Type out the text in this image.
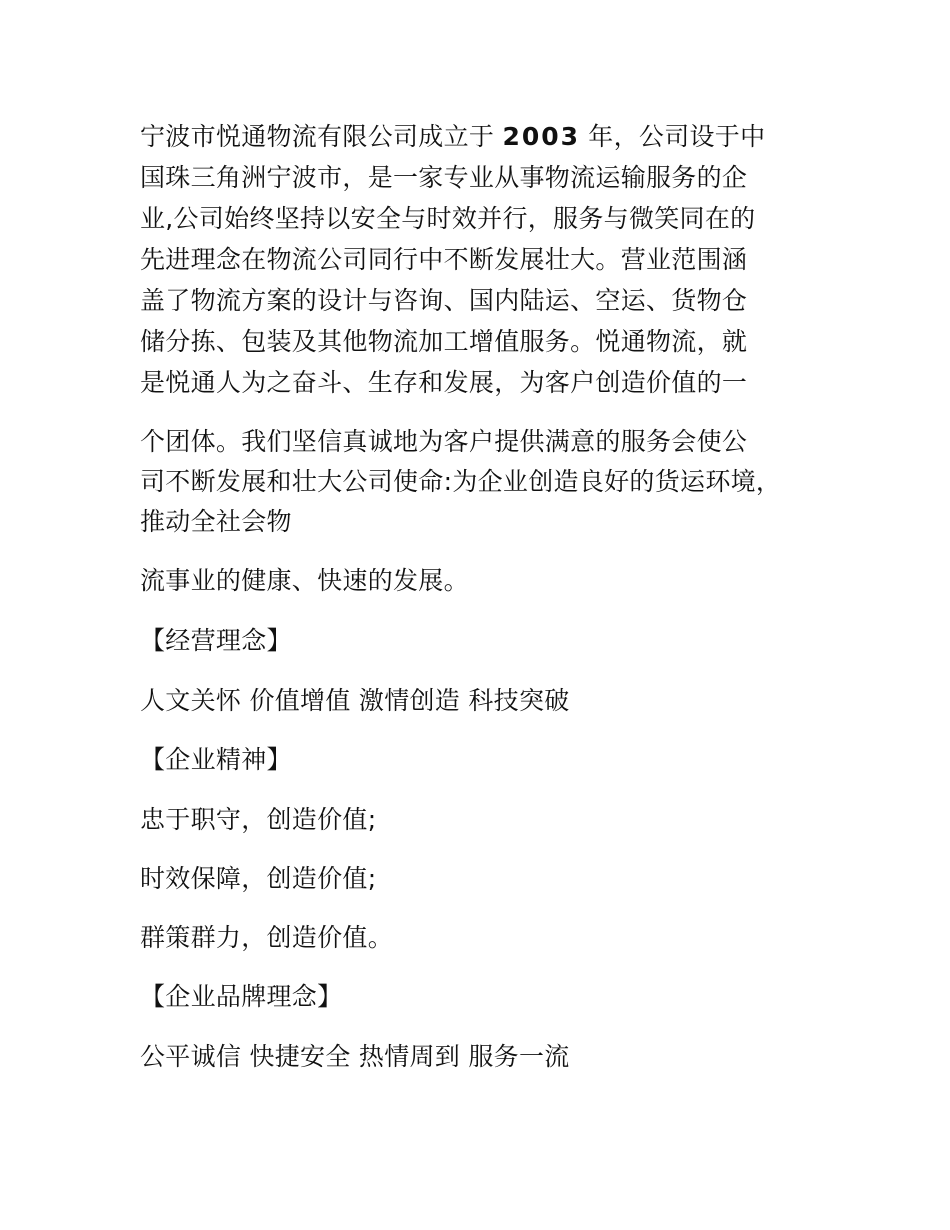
宁波市悦通物流有限公司成立于 2003 年，公司设于中
国珠三角洲宁波市，是一家专业从事物流运输服务的企
业,公司始终坚持以安全与时效并行，服务与微笑同在的
先进理念在物流公司同行中不断发展壮大。营业范围涵
盖了物流方案的设计与咨询、国内陆运、空运、货物仓
储分拣、包装及其他物流加工增值服务。悦通物流，就
是悦通人为之奋斗、生存和发展，为客户创造价值的一
个团体。我们坚信真诚地为客户提供满意的服务会使公
司不断发展和壮大公司使命:为企业创造良好的货运环境，
推动全社会物
流事业的健康、快速的发展。
【经营理念】
人文关怀 价值增值 激情创造 科技突破
【企业精神】
忠于职守，创造价值;
时效保障，创造价值;
群策群力，创造价值。
【企业品牌理念】
公平诚信 快捷安全 热情周到 服务一流
